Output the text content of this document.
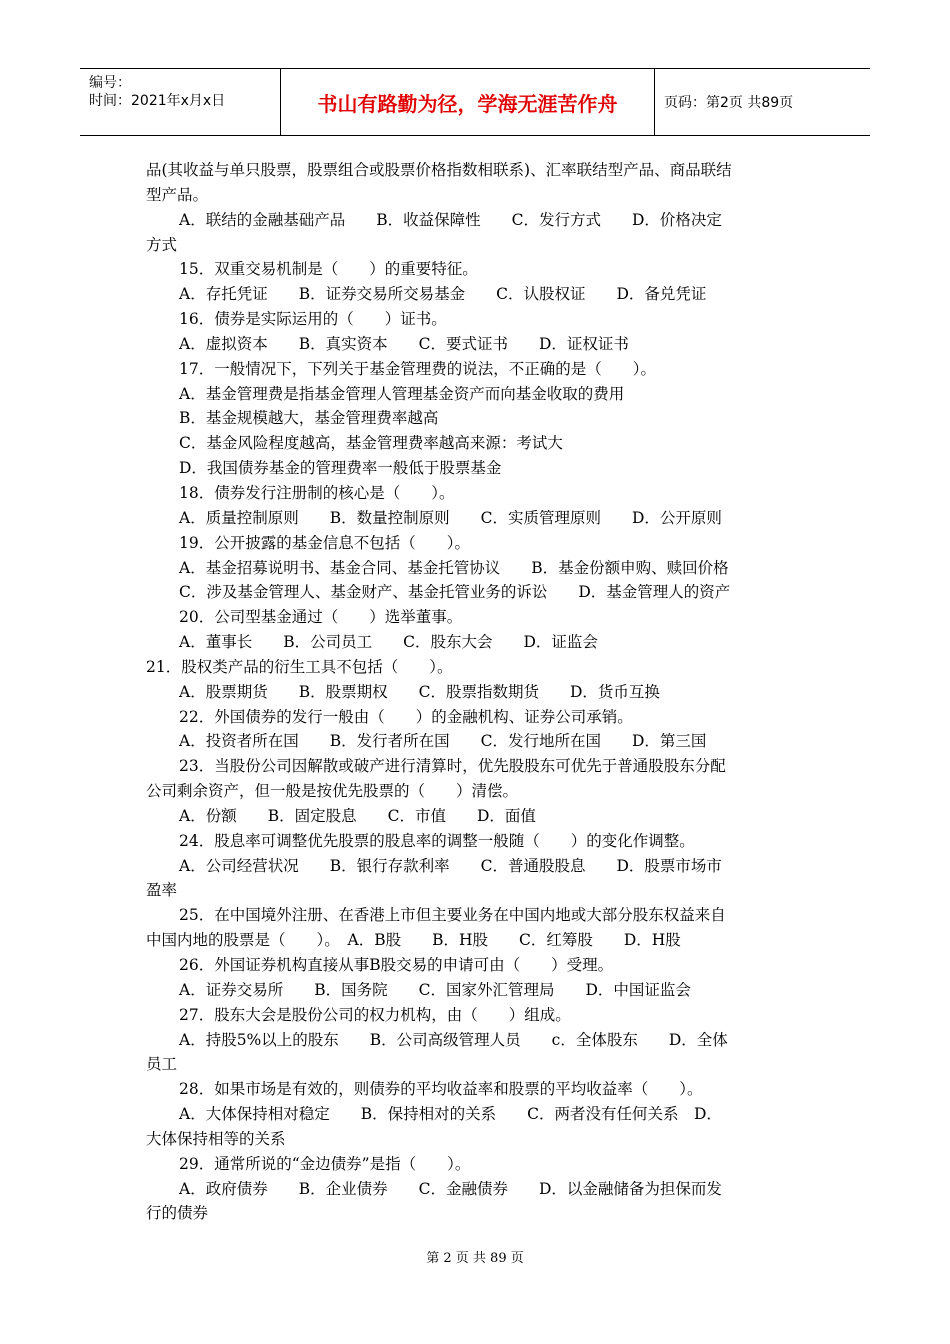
编号：
时间：2021年x月x日	书山有路勤为径，学海无涯苦作舟	页码：第2页 共89页

品(其收益与单只股票，股票组合或股票价格指数相联系)、汇率联结型产品、商品联结

型产品。

A．联结的金融基础产品　　B．收益保障性　　C．发行方式　　D．价格决定

方式

15．双重交易机制是（　　）的重要特征。

A．存托凭证　　B．证券交易所交易基金　　C．认股权证　　D．备兑凭证

16．债券是实际运用的（　　）证书。

A．虚拟资本　　B．真实资本　　C．要式证书　　D．证权证书

17．一般情况下，下列关于基金管理费的说法，不正确的是（　　）。

A．基金管理费是指基金管理人管理基金资产而向基金收取的费用

B．基金规模越大，基金管理费率越高

C．基金风险程度越高，基金管理费率越高来源：考试大

D．我国债券基金的管理费率一般低于股票基金

18．债券发行注册制的核心是（　　）。

A．质量控制原则　　B．数量控制原则　　C．实质管理原则　　D．公开原则

19．公开披露的基金信息不包括（　　）。

A．基金招募说明书、基金合同、基金托管协议　　B．基金份额申购、赎回价格

C．涉及基金管理人、基金财产、基金托管业务的诉讼　　D．基金管理人的资产

20．公司型基金通过（　　）选举董事。

A．董事长　　B．公司员工　　C．股东大会　　D．证监会

21．股权类产品的衍生工具不包括（　　）。

A．股票期货　　B．股票期权　　C．股票指数期货　　D．货币互换

22．外国债券的发行一般由（　　）的金融机构、证券公司承销。

A．投资者所在国　　B．发行者所在国　　C．发行地所在国　　D．第三国

23．当股份公司因解散或破产进行清算时，优先股股东可优先于普通股股东分配

公司剩余资产，但一般是按优先股票的（　　）清偿。

A．份额　　B．固定股息　　C．市值　　D．面值

24．股息率可调整优先股票的股息率的调整一般随（　　）的变化作调整。

A．公司经营状况　　B．银行存款利率　　C．普通股股息　　D．股票市场市

盈率

25．在中国境外注册、在香港上市但主要业务在中国内地或大部分股东权益来自

中国内地的股票是（　　）。　A．B股　　B．H股　　C．红筹股　　D．H股

26．外国证券机构直接从事B股交易的申请可由（　　）受理。

A．证券交易所　　B．国务院　　C．国家外汇管理局　　D．中国证监会

27．股东大会是股份公司的权力机构，由（　　）组成。

A．持股5%以上的股东　　B．公司高级管理人员　　c．全体股东　　D．全体

员工

28．如果市场是有效的，则债券的平均收益率和股票的平均收益率（　　）。

A．大体保持相对稳定　　B．保持相对的关系　　C．两者没有任何关系　D．

大体保持相等的关系

29．通常所说的“金边债券”是指（　　）。

A．政府债券　　B．企业债券　　C．金融债券　　D．以金融储备为担保而发

行的债券

第 2 页 共 89 页
